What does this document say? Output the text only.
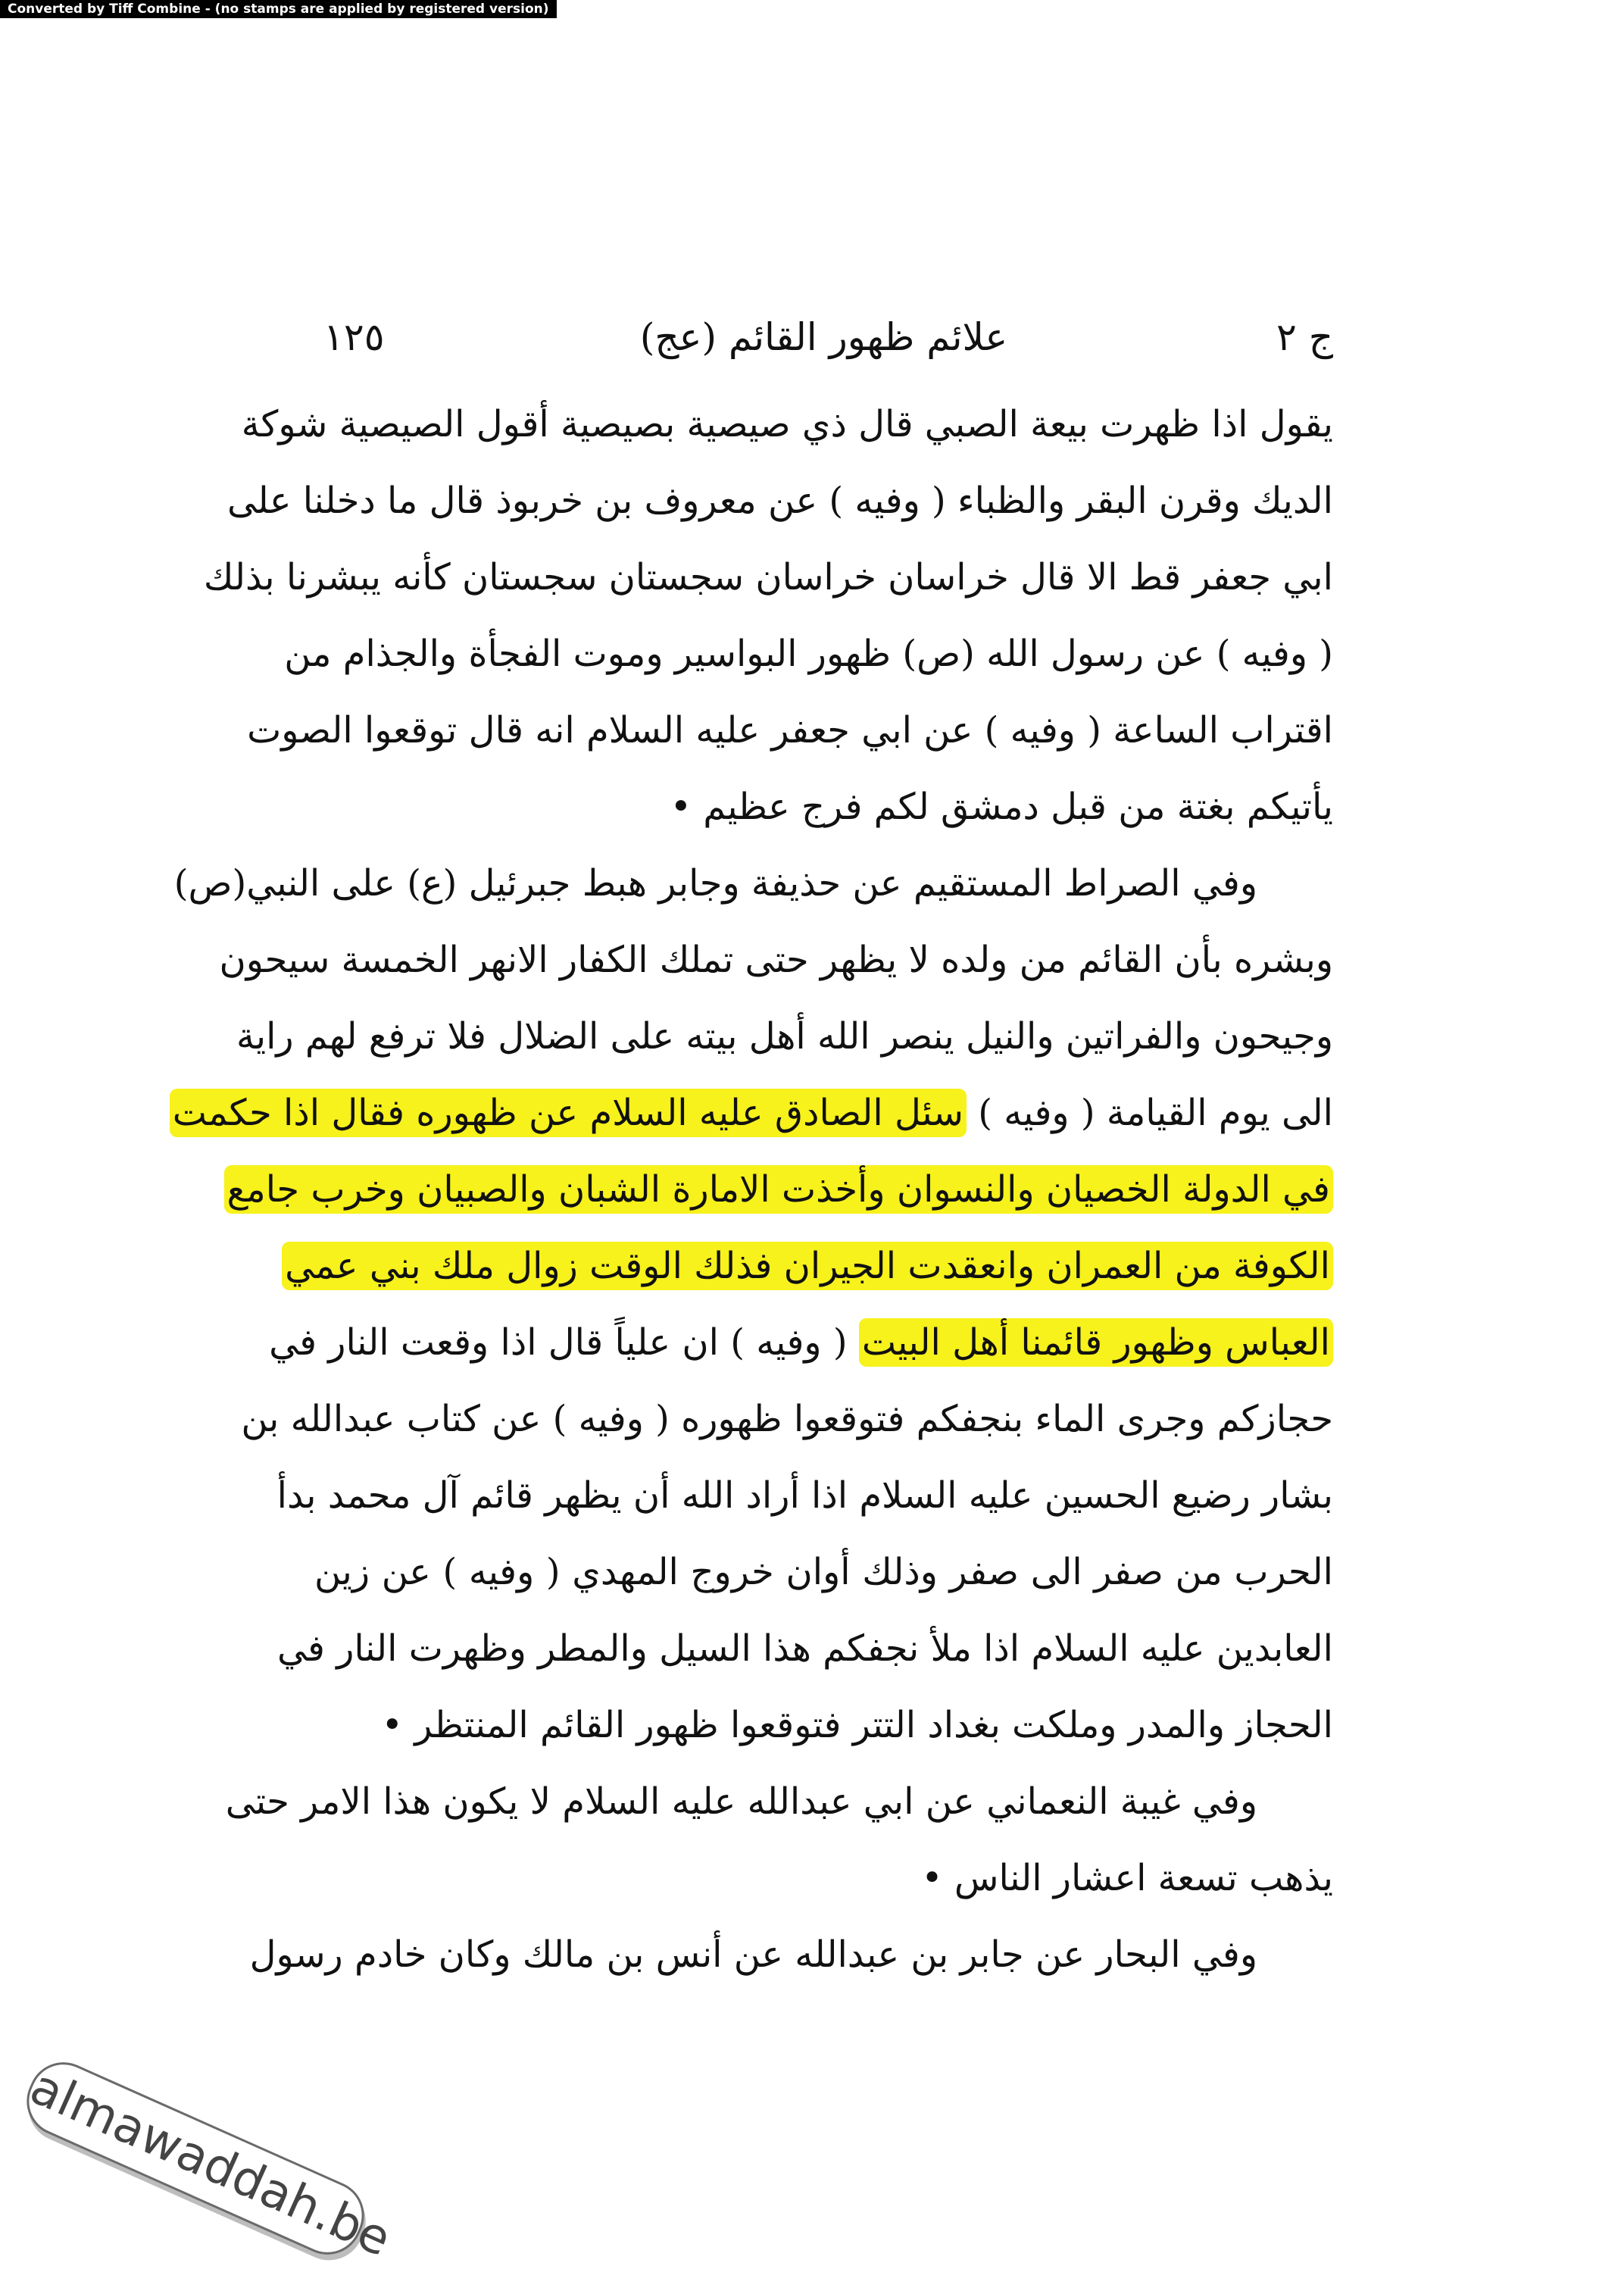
Converted by Tiff Combine - (no stamps are applied by registered version)
ج ٢
علائم ظهور القائم (عج)
١٢٥
يقول اذا ظهرت بيعة الصبي قال ذي صيصية بصيصية أقول الصيصية شوكة
الديك وقرن البقر والظباء ( وفيه ) عن معروف بن خربوذ قال ما دخلنا على
ابي جعفر قط الا قال خراسان خراسان سجستان سجستان كأنه يبشرنا بذلك
( وفيه ) عن رسول الله (ص) ظهور البواسير وموت الفجأة والجذام من
اقتراب الساعة ( وفيه ) عن ابي جعفر عليه السلام انه قال توقعوا الصوت
يأتيكم بغتة من قبل دمشق لكم فرج عظيم •
وفي الصراط المستقيم عن حذيفة وجابر هبط جبرئيل (ع) على النبي(ص)
وبشره بأن القائم من ولده لا يظهر حتى تملك الكفار الانهر الخمسة سيحون
وجيحون والفراتين والنيل ينصر الله أهل بيته على الضلال فلا ترفع لهم راية
الى يوم القيامة ( وفيه ) سئل الصادق عليه السلام عن ظهوره فقال اذا حكمت
في الدولة الخصيان والنسوان وأخذت الامارة الشبان والصبيان وخرب جامع
الكوفة من العمران وانعقدت الجيران فذلك الوقت زوال ملك بني عمي
العباس وظهور قائمنا أهل البيت ( وفيه ) ان علياً قال اذا وقعت النار في
حجازكم وجرى الماء بنجفكم فتوقعوا ظهوره ( وفيه ) عن كتاب عبدالله بن
بشار رضيع الحسين عليه السلام اذا أراد الله أن يظهر قائم آل محمد بدأ
الحرب من صفر الى صفر وذلك أوان خروج المهدي ( وفيه ) عن زين
العابدين عليه السلام اذا ملأ نجفكم هذا السيل والمطر وظهرت النار في
الحجاز والمدر وملكت بغداد التتر فتوقعوا ظهور القائم المنتظر •
وفي غيبة النعماني عن ابي عبدالله عليه السلام لا يكون هذا الامر حتى
يذهب تسعة اعشار الناس •
وفي البحار عن جابر بن عبدالله عن أنس بن مالك وكان خادم رسول
almawaddah.be
